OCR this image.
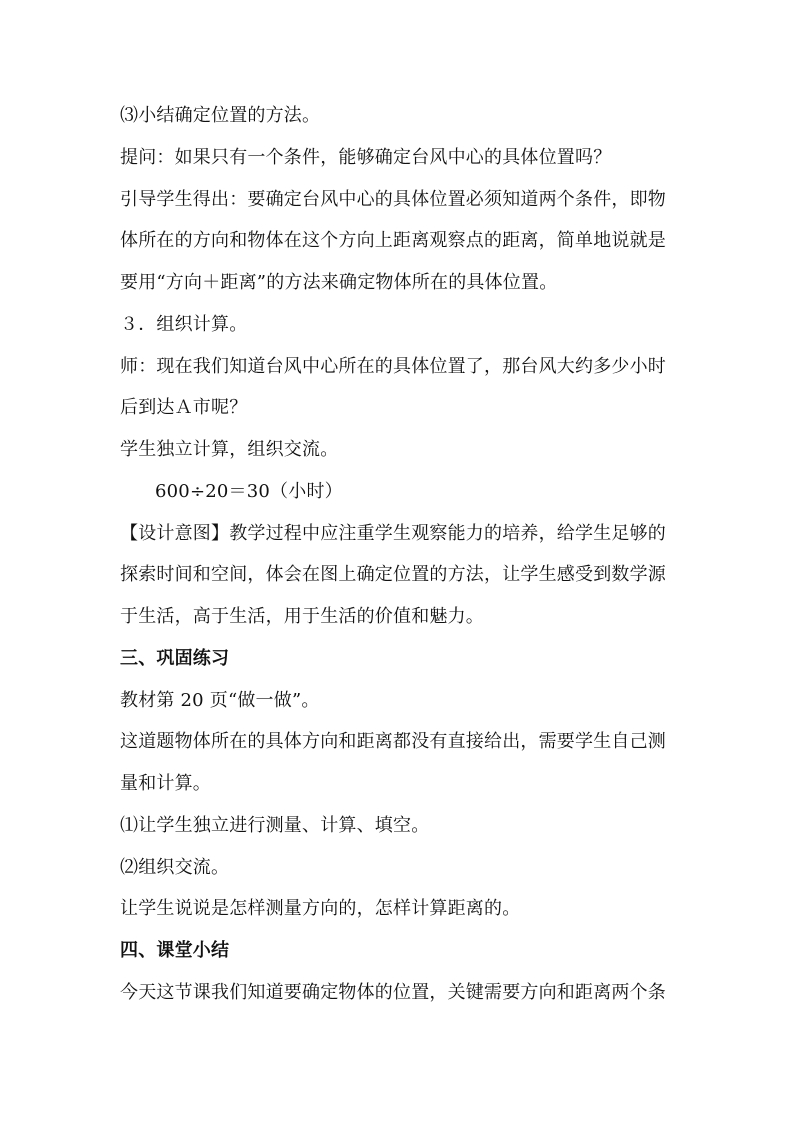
⑶小结确定位置的方法。
提问：如果只有一个条件，能够确定台风中心的具体位置吗？
引导学生得出：要确定台风中心的具体位置必须知道两个条件，即物
体所在的方向和物体在这个方向上距离观察点的距离，简单地说就是
要用“方向＋距离”的方法来确定物体所在的具体位置。
３．组织计算。
师：现在我们知道台风中心所在的具体位置了，那台风大约多少小时
后到达Ａ市呢？
学生独立计算，组织交流。
600÷20＝30（小时）
【设计意图】教学过程中应注重学生观察能力的培养，给学生足够的
探索时间和空间，体会在图上确定位置的方法，让学生感受到数学源
于生活，高于生活，用于生活的价值和魅力。
三、巩固练习
教材第 20 页“做一做”。
这道题物体所在的具体方向和距离都没有直接给出，需要学生自己测
量和计算。
⑴让学生独立进行测量、计算、填空。
⑵组织交流。
让学生说说是怎样测量方向的，怎样计算距离的。
四、课堂小结
今天这节课我们知道要确定物体的位置，关键需要方向和距离两个条
